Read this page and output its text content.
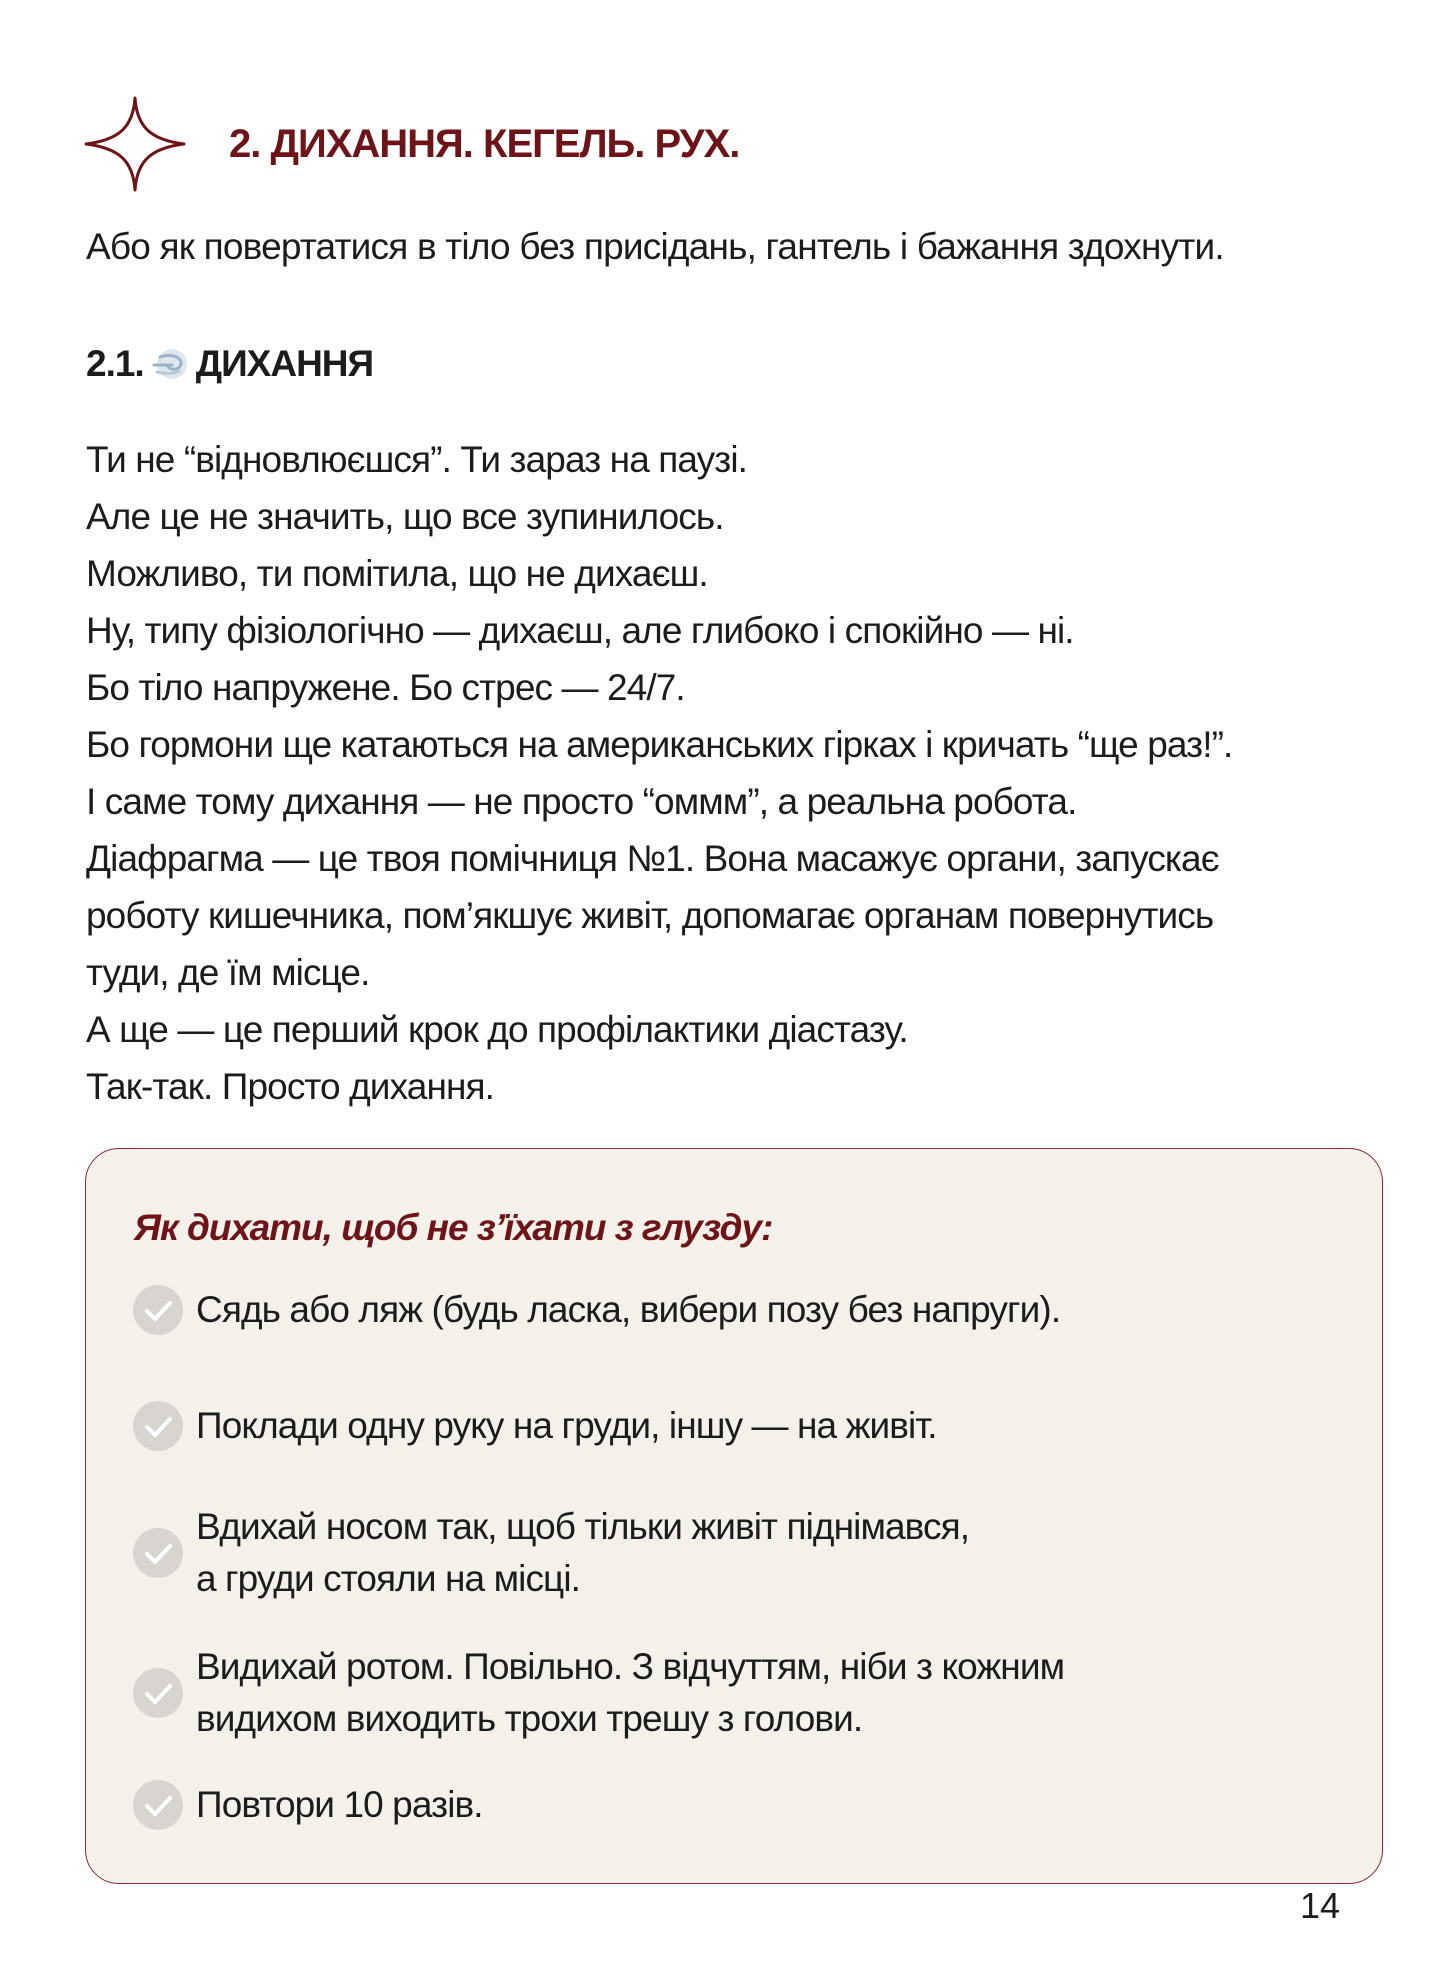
2. ДИХАННЯ. КЕГЕЛЬ. РУХ.

Або як повертатися в тіло без присідань, гантель і бажання здохнути.

2.1. ДИХАННЯ
Ти не “відновлюєшся”. Ти зараз на паузі.
Але це не значить, що все зупинилось.
Можливо, ти помітила, що не дихаєш.
Ну, типу фізіологічно — дихаєш, але глибоко і спокійно — ні.
Бо тіло напружене. Бо стрес — 24/7.
Бо гормони ще катаються на американських гірках і кричать “ще раз!”.
І саме тому дихання — не просто “оммм”, а реальна робота.
Діафрагма — це твоя помічниця №1. Вона масажує органи, запускає
роботу кишечника, пом’якшує живіт, допомагає органам повернутись
туди, де їм місце.
А ще — це перший крок до профілактики діастазу.
Так-так. Просто дихання.
Як дихати, щоб не з’їхати з глузду:
Сядь або ляж (будь ласка, вибери позу без напруги).
Поклади одну руку на груди, іншу — на живіт.
Вдихай носом так, щоб тільки живіт піднімався,
а груди стояли на місці.
Видихай ротом. Повільно. З відчуттям, ніби з кожним
видихом виходить трохи трешу з голови.
Повтори 10 разів.

14
